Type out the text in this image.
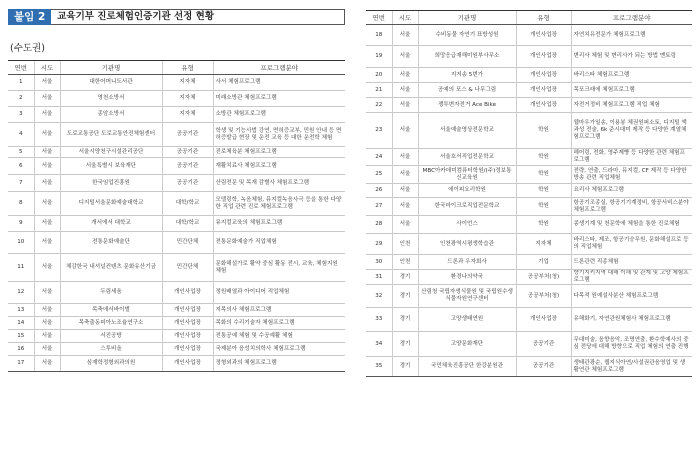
붙임 2	교육기부 진로체험인증기관 선정 현황
(수도권)
연번	시도	기관명	유형	프로그램분야
1	서울	대한어머니도서관	지자체	사서 체험프로그램
2	서울	영천소방서	지자체	미래소방관 체험프로그램
3	서울	종암소방서	지자체	소방관 체험프로그램
4	서울	도로교통공단 도로교통안전체험센터	공공기관	학생 및 기능사법 강연, 면허증교부, 민원 안내 등 면허증발급 현장 및 운전 교육 등 대한 운전학 체험
5	서울	서울시양천구시설관리공단	공공기관	진로체육분 체험프로그램
6	서울	서울특별시 보육재단	공공기관	재활치료사 체험프로그램
7	서울	한국임업진흥원	공공기관	산림전문 및 목재 감별사 체험프로그램
8	서울	디지털서울문화예술대학교	대학/학교	모델링학, 녹음체험, 뮤지컬녹음사극 등을 통한 다양한 직업 관련 진로 체험프로그램
9	서울	개서에서 대학교	대학/학교	뮤지컬교육의 체험프로그램
10	서울	전통문화예술단	민간단체	전통문화예술가 직업체험
11	서울	체감한국 내셔널컨텐츠 문화유산기금	민간단체	문화해설가로 활약 중심 활동 전시, 교육, 체험지원 체험
12	서울	두림세움	개인사업장	정원배열과 아이디어 직업체험
13	서울	목축애서바이벌	개인사업장	지목의사 체험프로그램
14	서울	목축출동피아노조율연구소	개인사업장	목화의 수리기술자 체험프로그램
15	서울	서진공방	개인사업장	전통공예 체험 및 수공예활 체험
16	서울	스투비올	개인사업장	국제분아 음성치의학사 체험프로그램
17	서울	심재학정형외과의원	개인사업장	정형외과의 체험프로그램
연번	시도	기관명	유형	프로그램분야
18	서울	수비동물 자연기 표방성원	개인사업장	자연치유전문가 체험프로그램
19	서울	희망응급재해미원부사무소	개인사업장	변리사 체험 및 변리사가 되는 방법 멘토링
20	서울	지저송 5번가	개인사업장	바리스타 체험프로그램
21	서울	공예의 포스 & 나무그림	개인사업장	목포크래에 체험프로그램
22	서울	쟁투변자전거 Ace Bike	개인사업장	자전거정비 체험프로그램 직업 체험
23	서울	서울예술영상전문학교	학원	웹마우가일송, 이용봉 체권원퍼소토, 디지털 액과성 전술, 6k 준시대미 제작 등 다양한 계열체험프로그램
24	서울	서울호서직업전문학교	학원	헤어링, 전화, 영주제빵 등 다양한 관련 체험프로그램
25	서울	MBC아카데미컴퓨터학원/(주)정보통신교육원	학원	전략, 연출, 드라마, 뮤지컬, CF 제작 등 다양한 방송 관련 직업체험
26	서울	에이피요리학원	학원	요리사 체험프로그램
27	서울	한국마이크로직업전문학교	학원	항공기조종실, 항공기기계정비, 항공서비스분야 체험프로그램
28	서울	사이언스	학원	콩생기계 및 천문학에 체험을 통한 진로체험
29	인천	인천광역시평생학습관	지자체	바리스타, 제조, 항공기승무원, 문화해설프로 등의 직업체험
30	인천	드론과 우자회사	기업	드론관련 직종체험
31	경기	환경나의약국	공공부처(청)	향기지키지역 대해 이해 및 관계 및 고양 체험프로그램
32	경기	산림청 국립자생식물원 및 국립원수생 식물자원연구센터	공공부처(청)	다목적 원예설사분산 체험프로그램
33	경기	고양생태연원	개인사업장	유해화기, 자연관원체험사 체험프로그램
34	경기	고양문화재단	공공기관	무대미술, 음향음악, 조명연출, 환수학예사의 중심 전당에 대해 방향으로 직업 체험의 연출 진행
35	경기	국민체육진흥공단 한강분원관	공공기관	생태관광순, 웹지식아연/사설권관음영업 및 생활연관 체험프로그램
